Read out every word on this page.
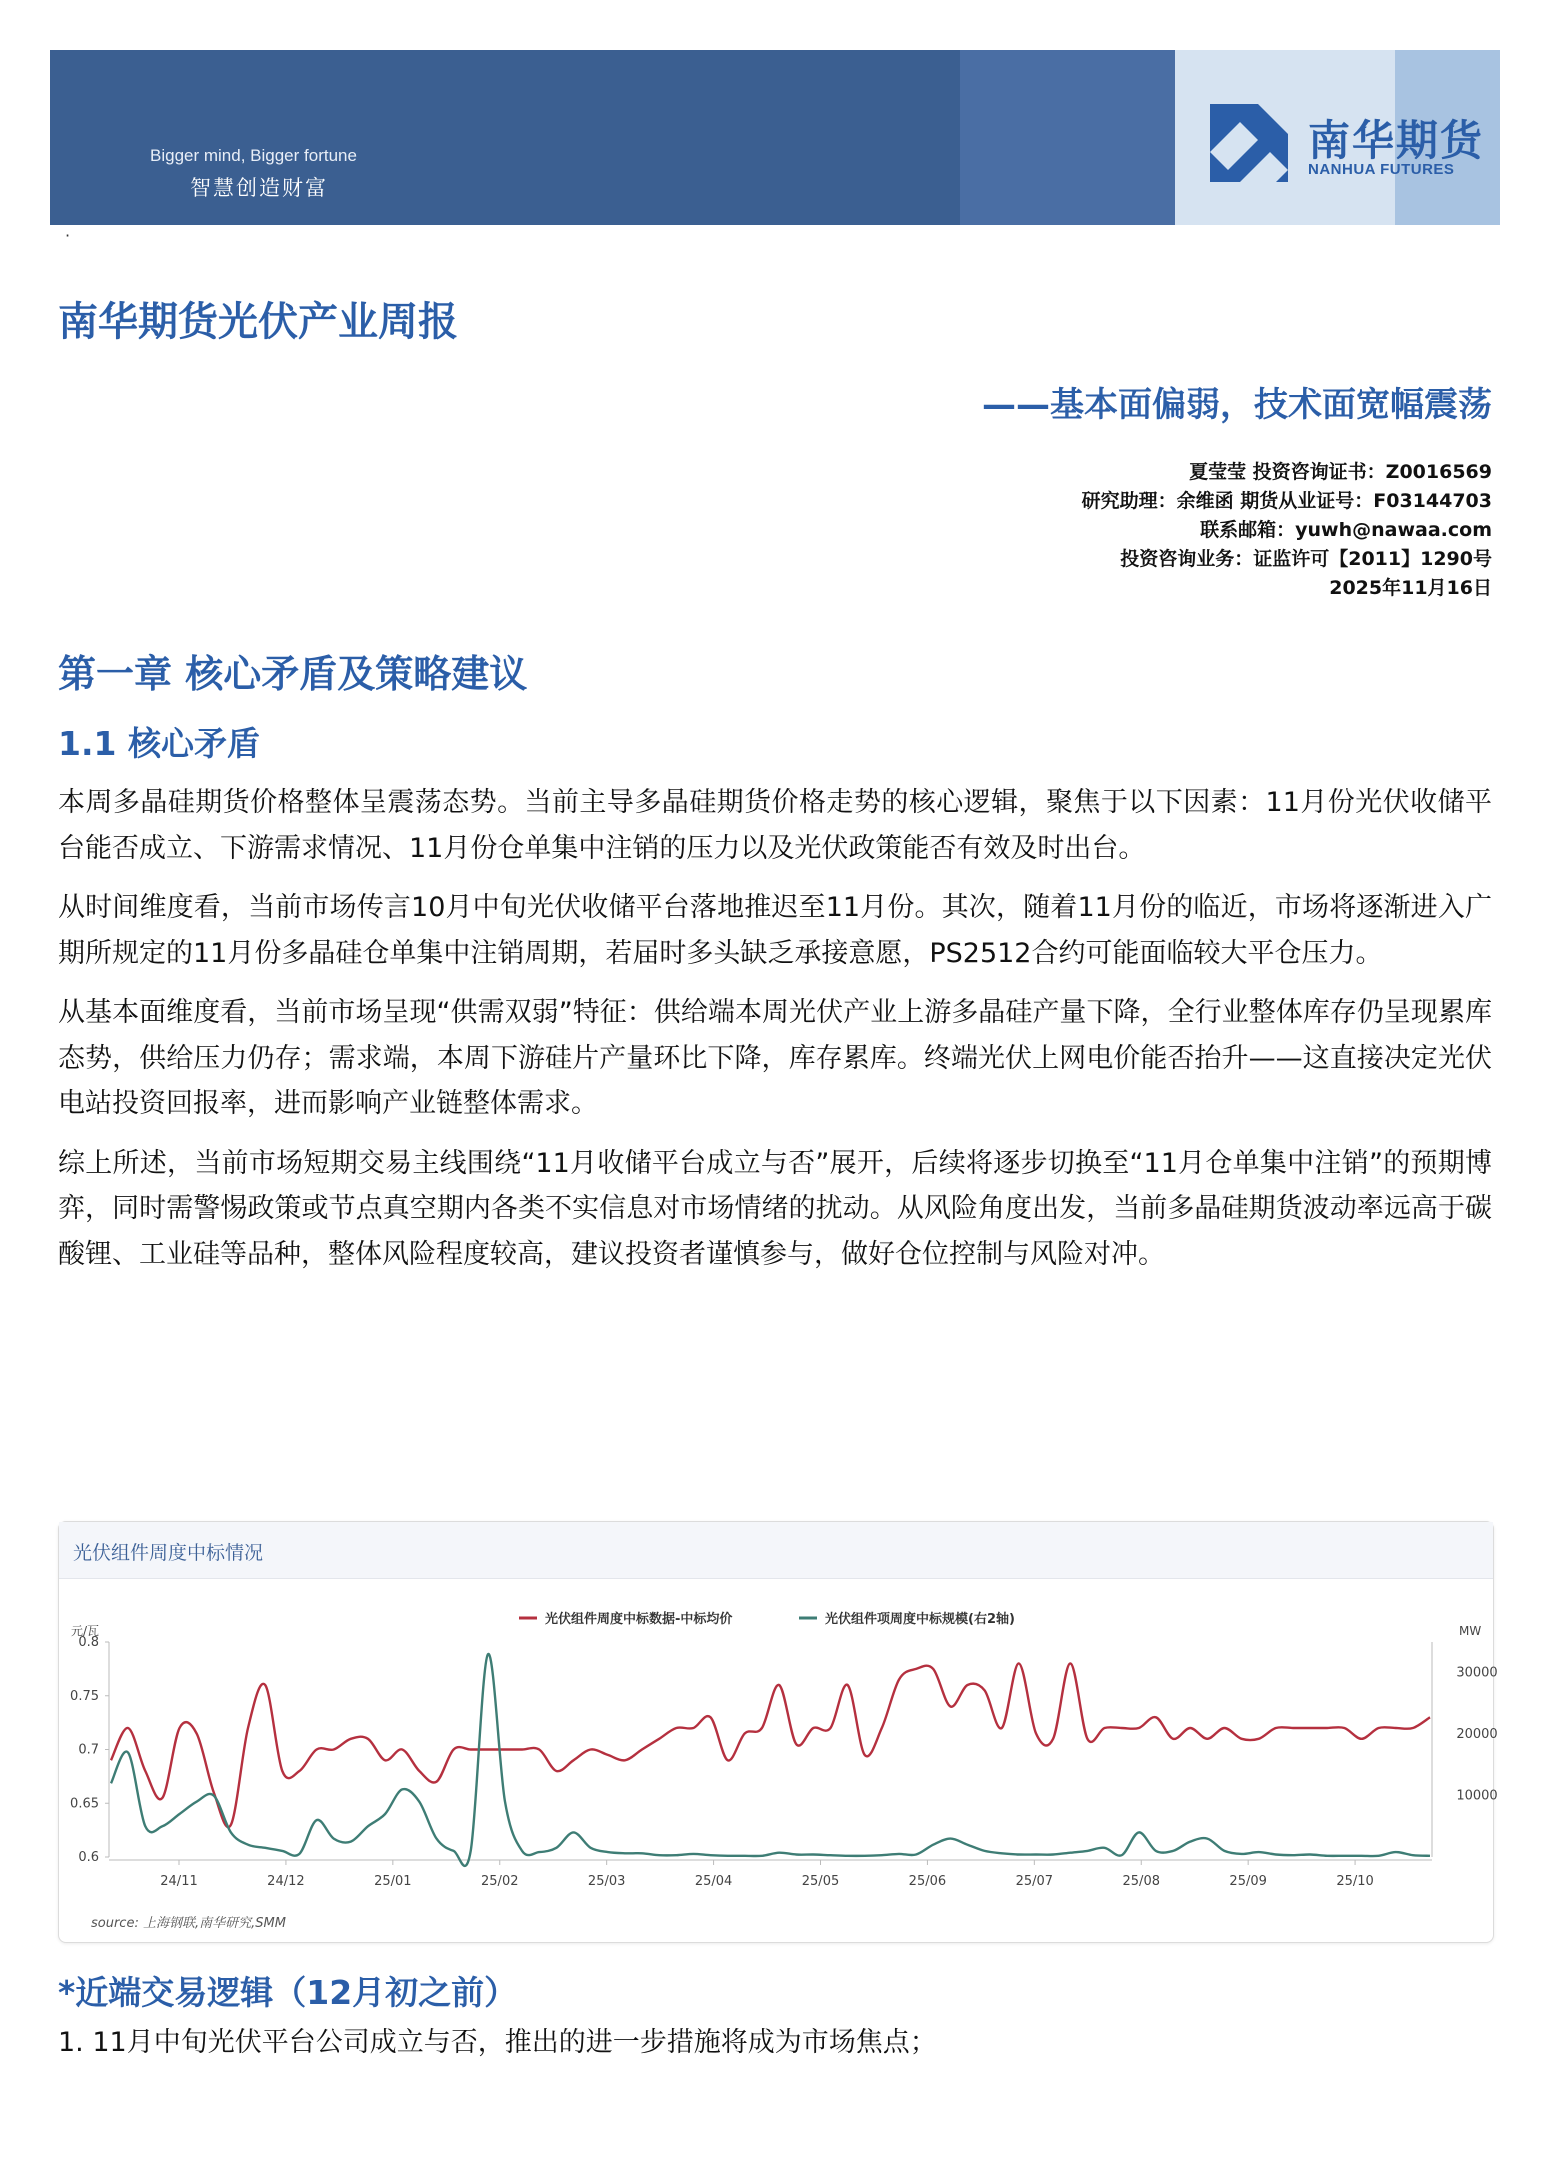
Bigger mind, Bigger fortune
智慧创造财富
南华期货
NANHUA FUTURES
·
南华期货光伏产业周报
——基本面偏弱，技术面宽幅震荡
夏莹莹 投资咨询证书：Z0016569
研究助理：余维函 期货从业证号：F03144703
联系邮箱：yuwh@nawaa.com
投资咨询业务：证监许可【2011】1290号
2025年11月16日
第一章 核心矛盾及策略建议
1.1 核心矛盾

本周多晶硅期货价格整体呈震荡态势。当前主导多晶硅期货价格走势的核心逻辑，聚焦于以下因素：11月份光伏收储平台能否成立、下游需求情况、11月份仓单集中注销的压力以及光伏政策能否有效及时出台。

从时间维度看，当前市场传言10月中旬光伏收储平台落地推迟至11月份。其次，随着11月份的临近，市场将逐渐进入广期所规定的11月份多晶硅仓单集中注销周期，若届时多头缺乏承接意愿，PS2512合约可能面临较大平仓压力。

从基本面维度看，当前市场呈现“供需双弱”特征：供给端本周光伏产业上游多晶硅产量下降，全行业整体库存仍呈现累库态势，供给压力仍存；需求端，本周下游硅片产量环比下降，库存累库。终端光伏上网电价能否抬升——这直接决定光伏电站投资回报率，进而影响产业链整体需求。

综上所述，当前市场短期交易主线围绕“11月收储平台成立与否”展开，后续将逐步切换至“11月仓单集中注销”的预期博弈，同时需警惕政策或节点真空期内各类不实信息对市场情绪的扰动。从风险角度出发，当前多晶硅期货波动率远高于碳酸锂、工业硅等品种，整体风险程度较高，建议投资者谨慎参与，做好仓位控制与风险对冲。

光伏组件周度中标情况
元/瓦	MW
0.8
0.75
0.7
0.65
0.6
30000
20000
10000
24/11	24/12	25/01	25/02	25/03	25/04	25/05	25/06	25/07	25/08	25/09	25/10
光伏组件周度中标数据-中标均价	光伏组件项周度中标规模(右2轴)
source: 上海钢联,南华研究,SMM
*近端交易逻辑（12月初之前）
1. 11月中旬光伏平台公司成立与否，推出的进一步措施将成为市场焦点；
